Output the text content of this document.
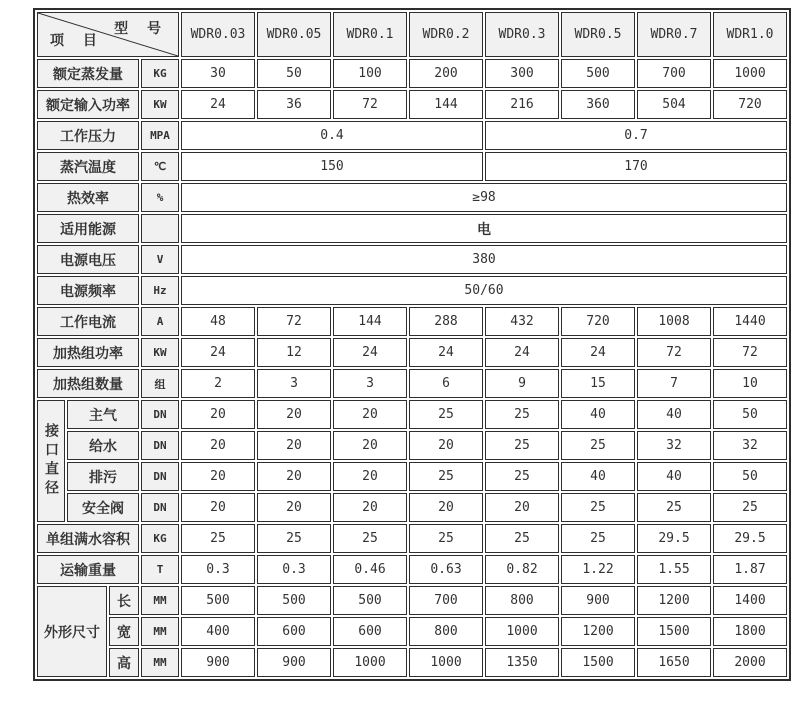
型 号
项 目				WDR0.03	WDR0.05	WDR0.1	WDR0.2	WDR0.3	WDR0.5	WDR0.7	WDR1.0
额定蒸发量			KG	30	50	100	200	300	500	700	1000
额定输入功率			KW	24	36	72	144	216	360	504	720
工作压力			MPA	0.4				0.7			
蒸汽温度			℃	150				170			
热效率			%	≥98							
适用能源				电							
电源电压			V	380							
电源频率			Hz	50/60							
工作电流			A	48	72	144	288	432	720	1008	1440
加热组功率			KW	24	12	24	24	24	24	72	72
加热组数量			组	2	3	3	6	9	15	7	10
接口直径	主气		DN	20	20	20	25	25	40	40	50
	给水		DN	20	20	20	20	25	25	32	32
	排污		DN	20	20	20	25	25	40	40	50
	安全阀		DN	20	20	20	20	20	25	25	25
单组满水容积			KG	25	25	25	25	25	25	29.5	29.5
运输重量			T	0.3	0.3	0.46	0.63	0.82	1.22	1.55	1.87
外形尺寸		长	MM	500	500	500	700	800	900	1200	1400
		宽	MM	400	600	600	800	1000	1200	1500	1800
		高	MM	900	900	1000	1000	1350	1500	1650	2000
